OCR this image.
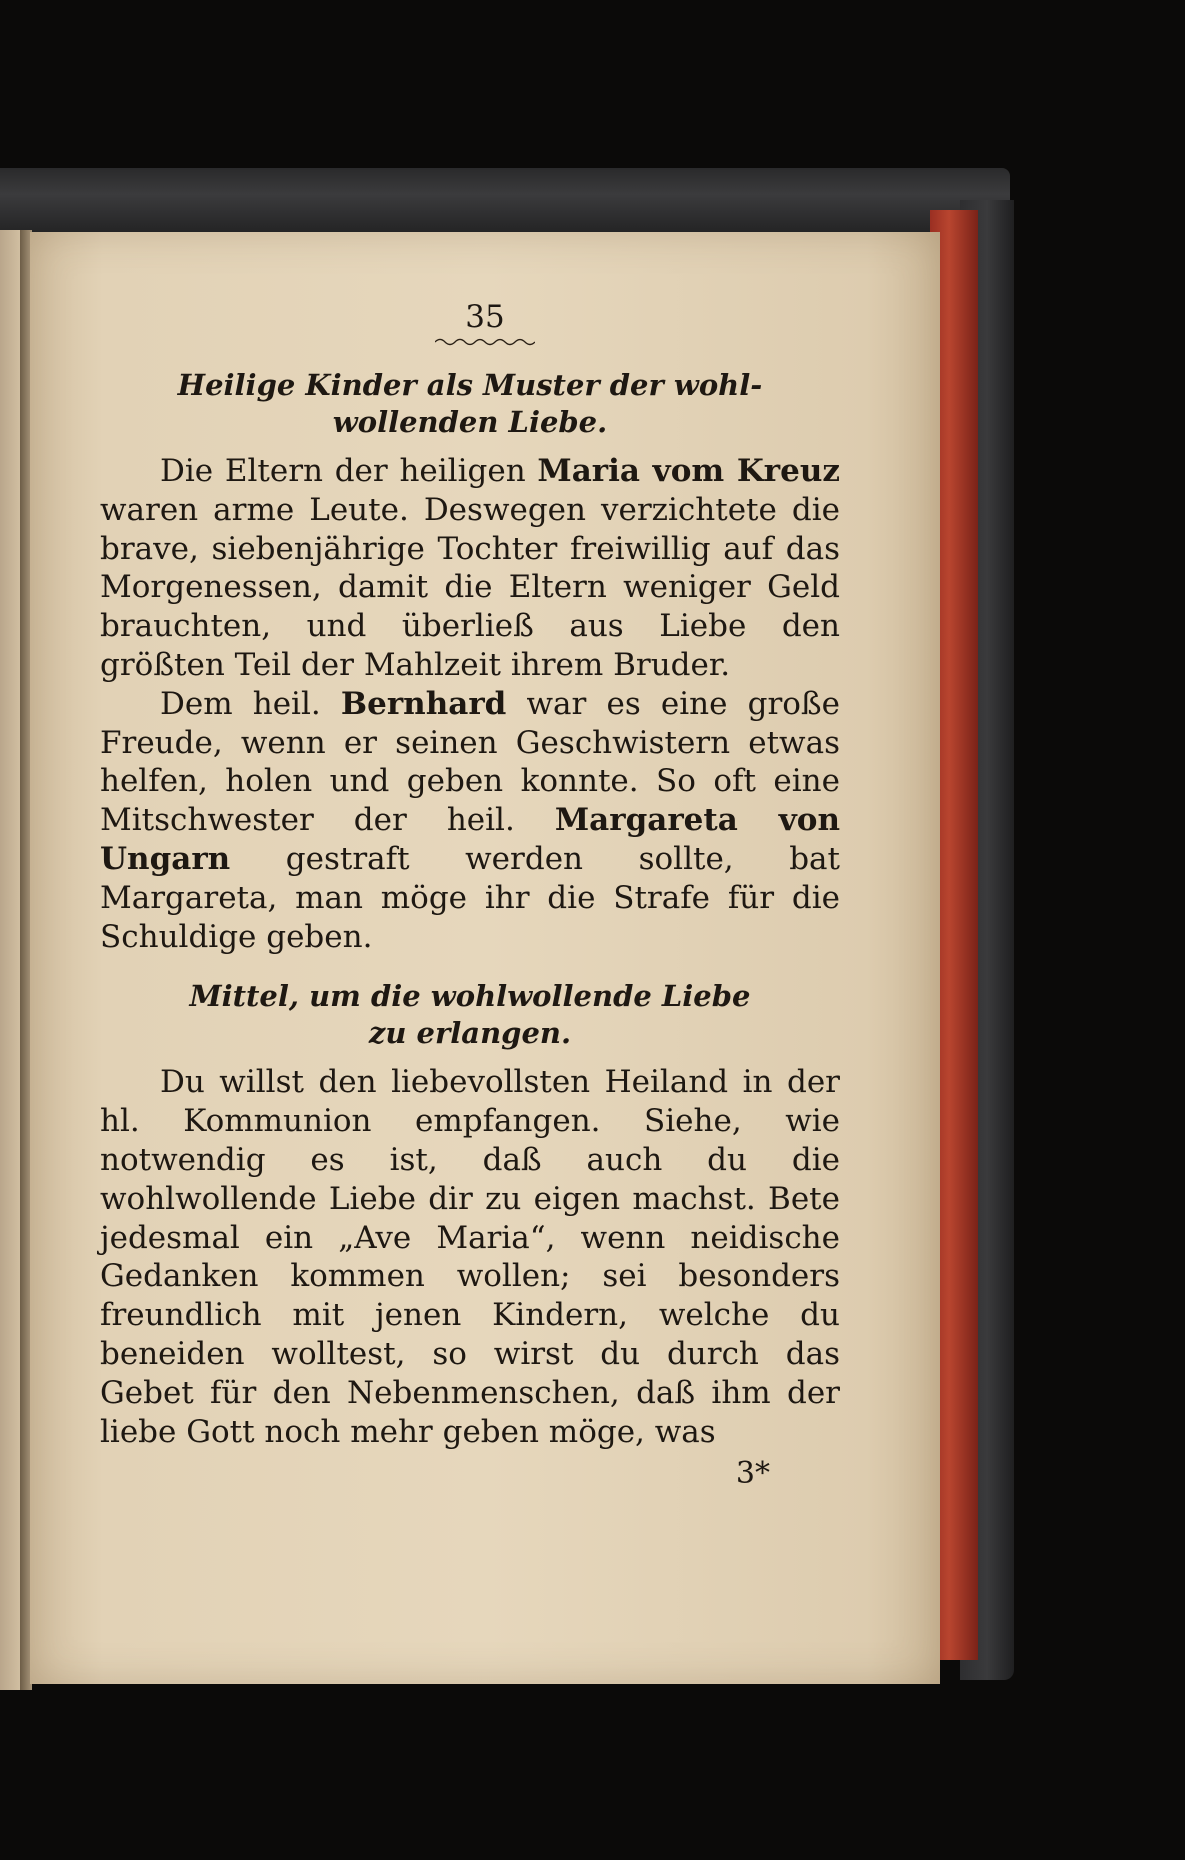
35
Heilige Kinder als Muster der wohl-
wollenden Liebe.

Die Eltern der heiligen Maria vom Kreuz waren arme Leute. Deswegen verzichtete die brave, siebenjährige Tochter freiwillig auf das Morgenessen, damit die Eltern weniger Geld brauchten, und überließ aus Liebe den größten Teil der Mahlzeit ihrem Bruder.

Dem heil. Bernhard war es eine große Freude, wenn er seinen Geschwistern etwas helfen, holen und geben konnte. So oft eine Mitschwester der heil. Margareta von Ungarn gestraft werden sollte, bat Margareta, man möge ihr die Strafe für die Schuldige geben.

Mittel, um die wohlwollende Liebe
zu erlangen.

Du willst den liebevollsten Heiland in der hl. Kommunion empfangen. Siehe, wie notwendig es ist, daß auch du die wohlwollende Liebe dir zu eigen machst. Bete jedesmal ein „Ave Maria“, wenn neidische Gedanken kommen wollen; sei besonders freundlich mit jenen Kindern, welche du beneiden wolltest, so wirst du durch das Gebet für den Nebenmenschen, daß ihm der liebe Gott noch mehr geben möge, was

3*
